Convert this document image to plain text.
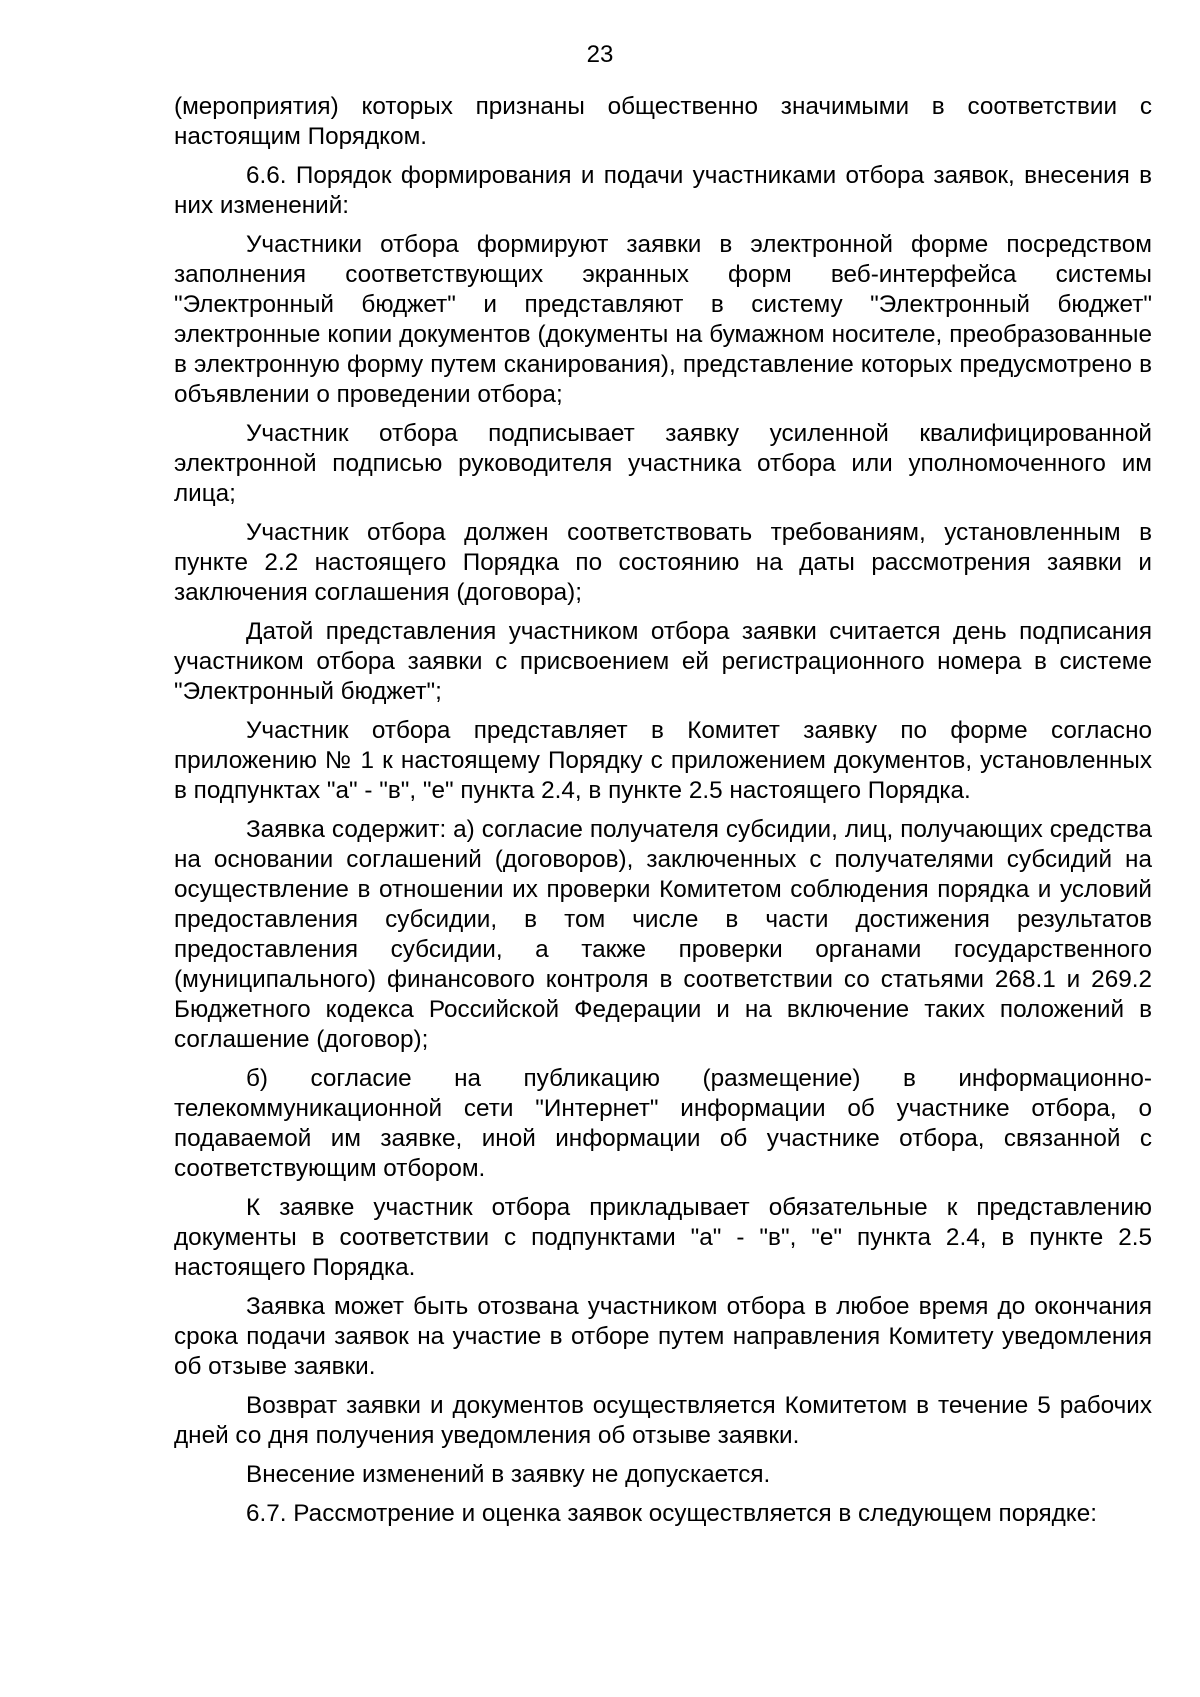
23

(мероприятия) которых признаны общественно значимыми в соответствии с настоящим Порядком.

6.6. Порядок формирования и подачи участниками отбора заявок, внесения в них изменений:

Участники отбора формируют заявки в электронной форме посредством заполнения соответствующих экранных форм веб-интерфейса системы "Электронный бюджет" и представляют в систему "Электронный бюджет" электронные копии документов (документы на бумажном носителе, преобразованные в электронную форму путем сканирования), представление которых предусмотрено в объявлении о проведении отбора;

Участник отбора подписывает заявку усиленной квалифицированной электронной подписью руководителя участника отбора или уполномоченного им лица;

Участник отбора должен соответствовать требованиям, установленным в пункте 2.2 настоящего Порядка по состоянию на даты рассмотрения заявки и заключения соглашения (договора);

Датой представления участником отбора заявки считается день подписания участником отбора заявки с присвоением ей регистрационного номера в системе "Электронный бюджет";

Участник отбора представляет в Комитет заявку по форме согласно приложению № 1 к настоящему Порядку с приложением документов, установленных в подпунктах "а" - "в", "е" пункта 2.4, в пункте 2.5 настоящего Порядка.

Заявка содержит: а) согласие получателя субсидии, лиц, получающих средства на основании соглашений (договоров), заключенных с получателями субсидий на осуществление в отношении их проверки Комитетом соблюдения порядка и условий предоставления субсидии, в том числе в части достижения результатов предоставления субсидии, а также проверки органами государственного (муниципального) финансового контроля в соответствии со статьями 268.1 и 269.2 Бюджетного кодекса Российской Федерации и на включение таких положений в соглашение (договор);

б) согласие на публикацию (размещение) в информационно-телекоммуникационной сети "Интернет" информации об участнике отбора, о подаваемой им заявке, иной информации об участнике отбора, связанной с соответствующим отбором.

К заявке участник отбора прикладывает обязательные к представлению документы в соответствии с подпунктами "а" - "в", "е" пункта 2.4, в пункте 2.5 настоящего Порядка.

Заявка может быть отозвана участником отбора в любое время до окончания срока подачи заявок на участие в отборе путем направления Комитету уведомления об отзыве заявки.

Возврат заявки и документов осуществляется Комитетом в течение 5 рабочих дней со дня получения уведомления об отзыве заявки.

Внесение изменений в заявку не допускается.

6.7. Рассмотрение и оценка заявок осуществляется в следующем порядке:
